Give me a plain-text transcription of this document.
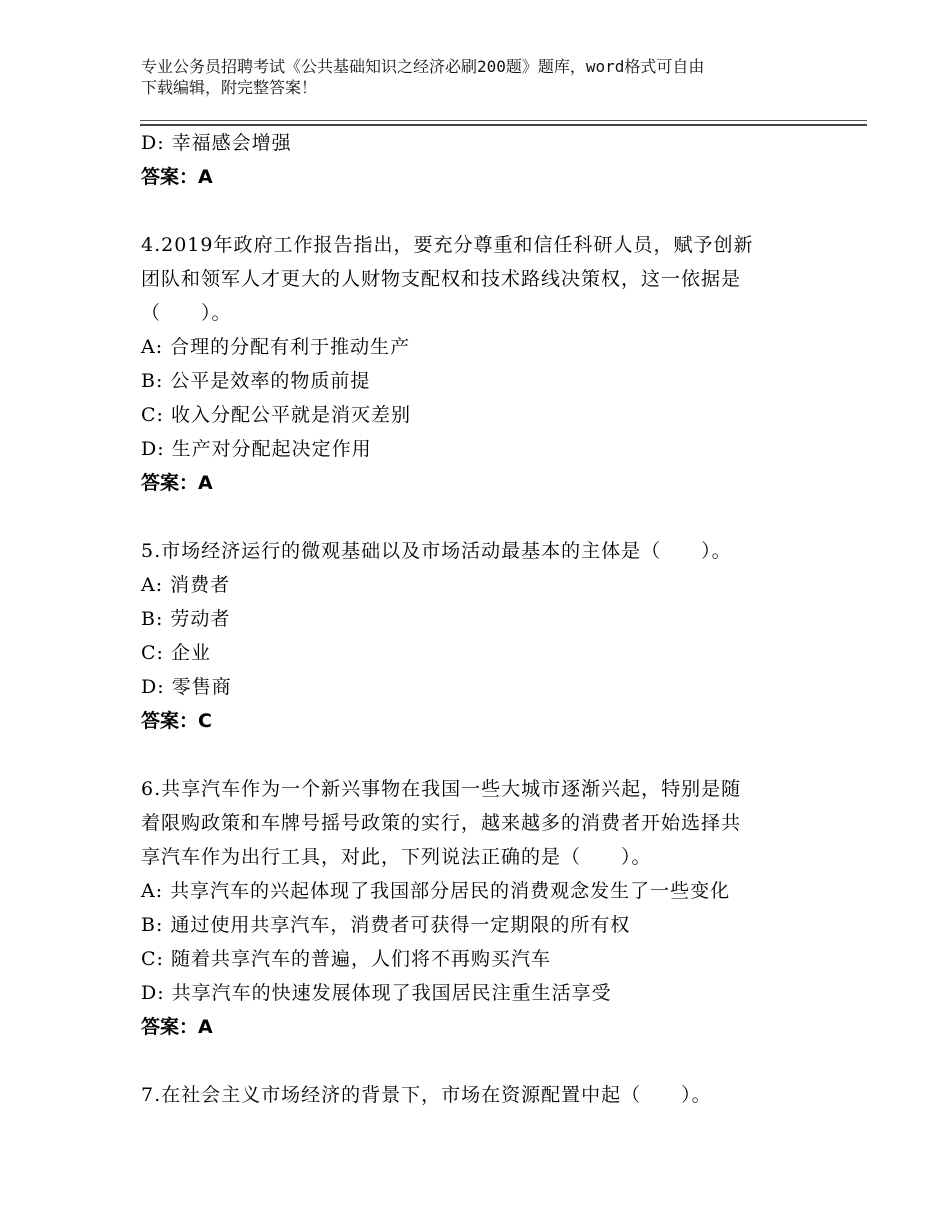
专业公务员招聘考试《公共基础知识之经济必刷200题》题库，word格式可自由
下载编辑，附完整答案！
D: 幸福感会增强
答案：A
4.2019年政府工作报告指出，要充分尊重和信任科研人员，赋予创新
团队和领军人才更大的人财物支配权和技术路线决策权，这一依据是
（　　）。
A: 合理的分配有利于推动生产
B: 公平是效率的物质前提
C: 收入分配公平就是消灭差别
D: 生产对分配起决定作用
答案：A
5.市场经济运行的微观基础以及市场活动最基本的主体是（　　）。
A: 消费者
B: 劳动者
C: 企业
D: 零售商
答案：C
6.共享汽车作为一个新兴事物在我国一些大城市逐渐兴起，特别是随
着限购政策和车牌号摇号政策的实行，越来越多的消费者开始选择共
享汽车作为出行工具，对此，下列说法正确的是（　　）。
A: 共享汽车的兴起体现了我国部分居民的消费观念发生了一些变化
B: 通过使用共享汽车，消费者可获得一定期限的所有权
C: 随着共享汽车的普遍，人们将不再购买汽车
D: 共享汽车的快速发展体现了我国居民注重生活享受
答案：A
7.在社会主义市场经济的背景下，市场在资源配置中起（　　）。
